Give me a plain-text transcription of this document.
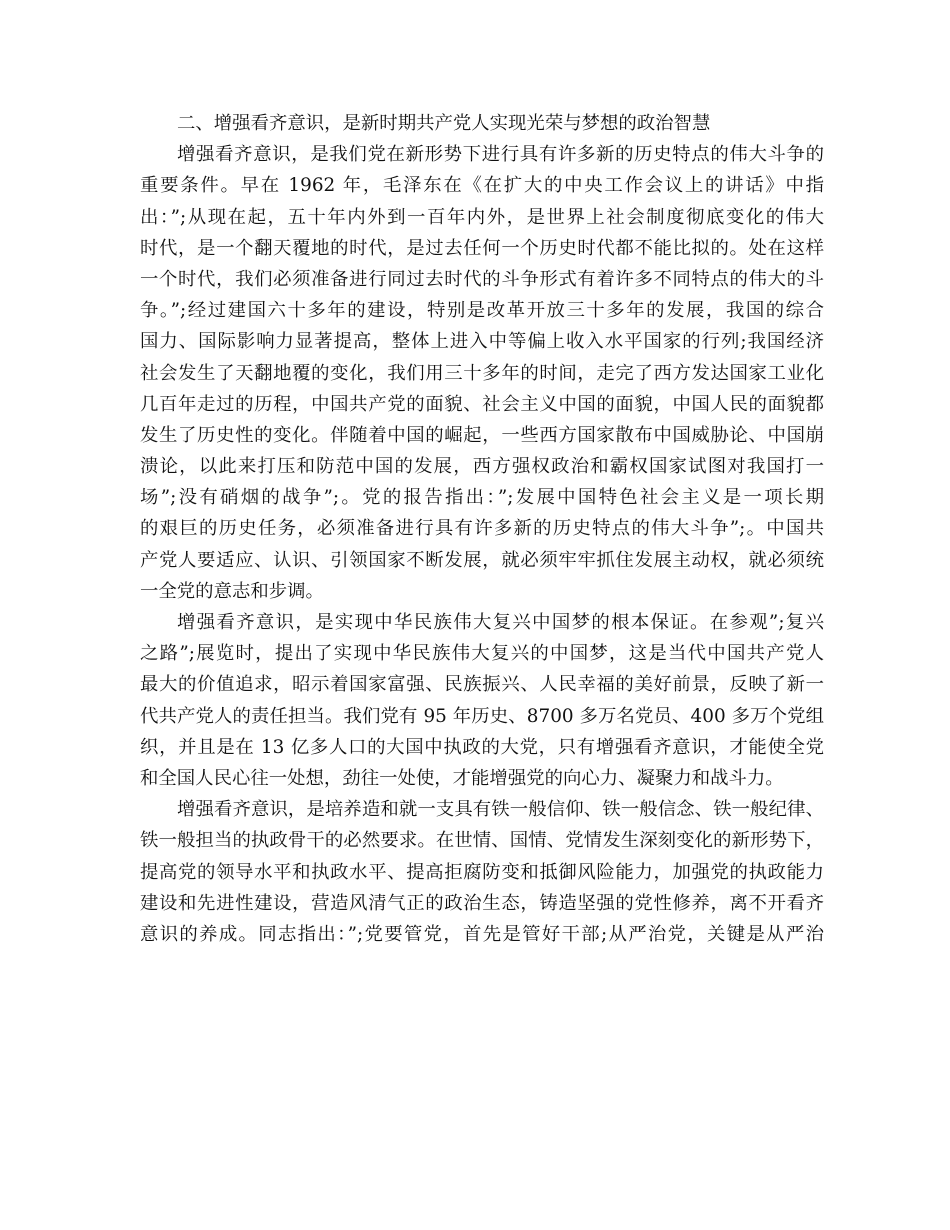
二、增强看齐意识，是新时期共产党人实现光荣与梦想的政治智慧
增强看齐意识，是我们党在新形势下进行具有许多新的历史特点的伟大斗争的
重要条件。早在 1962 年，毛泽东在《在扩大的中央工作会议上的讲话》中指
出：”;从现在起，五十年内外到一百年内外，是世界上社会制度彻底变化的伟大
时代，是一个翻天覆地的时代，是过去任何一个历史时代都不能比拟的。处在这样
一个时代，我们必须准备进行同过去时代的斗争形式有着许多不同特点的伟大的斗
争。”;经过建国六十多年的建设，特别是改革开放三十多年的发展，我国的综合
国力、国际影响力显著提高，整体上进入中等偏上收入水平国家的行列;我国经济
社会发生了天翻地覆的变化，我们用三十多年的时间，走完了西方发达国家工业化
几百年走过的历程，中国共产党的面貌、社会主义中国的面貌，中国人民的面貌都
发生了历史性的变化。伴随着中国的崛起，一些西方国家散布中国威胁论、中国崩
溃论，以此来打压和防范中国的发展，西方强权政治和霸权国家试图对我国打一
场”;没有硝烟的战争”;。党的报告指出：”;发展中国特色社会主义是一项长期
的艰巨的历史任务，必须准备进行具有许多新的历史特点的伟大斗争”;。中国共
产党人要适应、认识、引领国家不断发展，就必须牢牢抓住发展主动权，就必须统
一全党的意志和步调。
增强看齐意识，是实现中华民族伟大复兴中国梦的根本保证。在参观”;复兴
之路”;展览时，提出了实现中华民族伟大复兴的中国梦，这是当代中国共产党人
最大的价值追求，昭示着国家富强、民族振兴、人民幸福的美好前景，反映了新一
代共产党人的责任担当。我们党有 95 年历史、8700 多万名党员、400 多万个党组
织，并且是在 13 亿多人口的大国中执政的大党，只有增强看齐意识，才能使全党
和全国人民心往一处想，劲往一处使，才能增强党的向心力、凝聚力和战斗力。
增强看齐意识，是培养造和就一支具有铁一般信仰、铁一般信念、铁一般纪律、
铁一般担当的执政骨干的必然要求。在世情、国情、党情发生深刻变化的新形势下，
提高党的领导水平和执政水平、提高拒腐防变和抵御风险能力，加强党的执政能力
建设和先进性建设，营造风清气正的政治生态，铸造坚强的党性修养，离不开看齐
意识的养成。同志指出：”;党要管党，首先是管好干部;从严治党，关键是从严治
